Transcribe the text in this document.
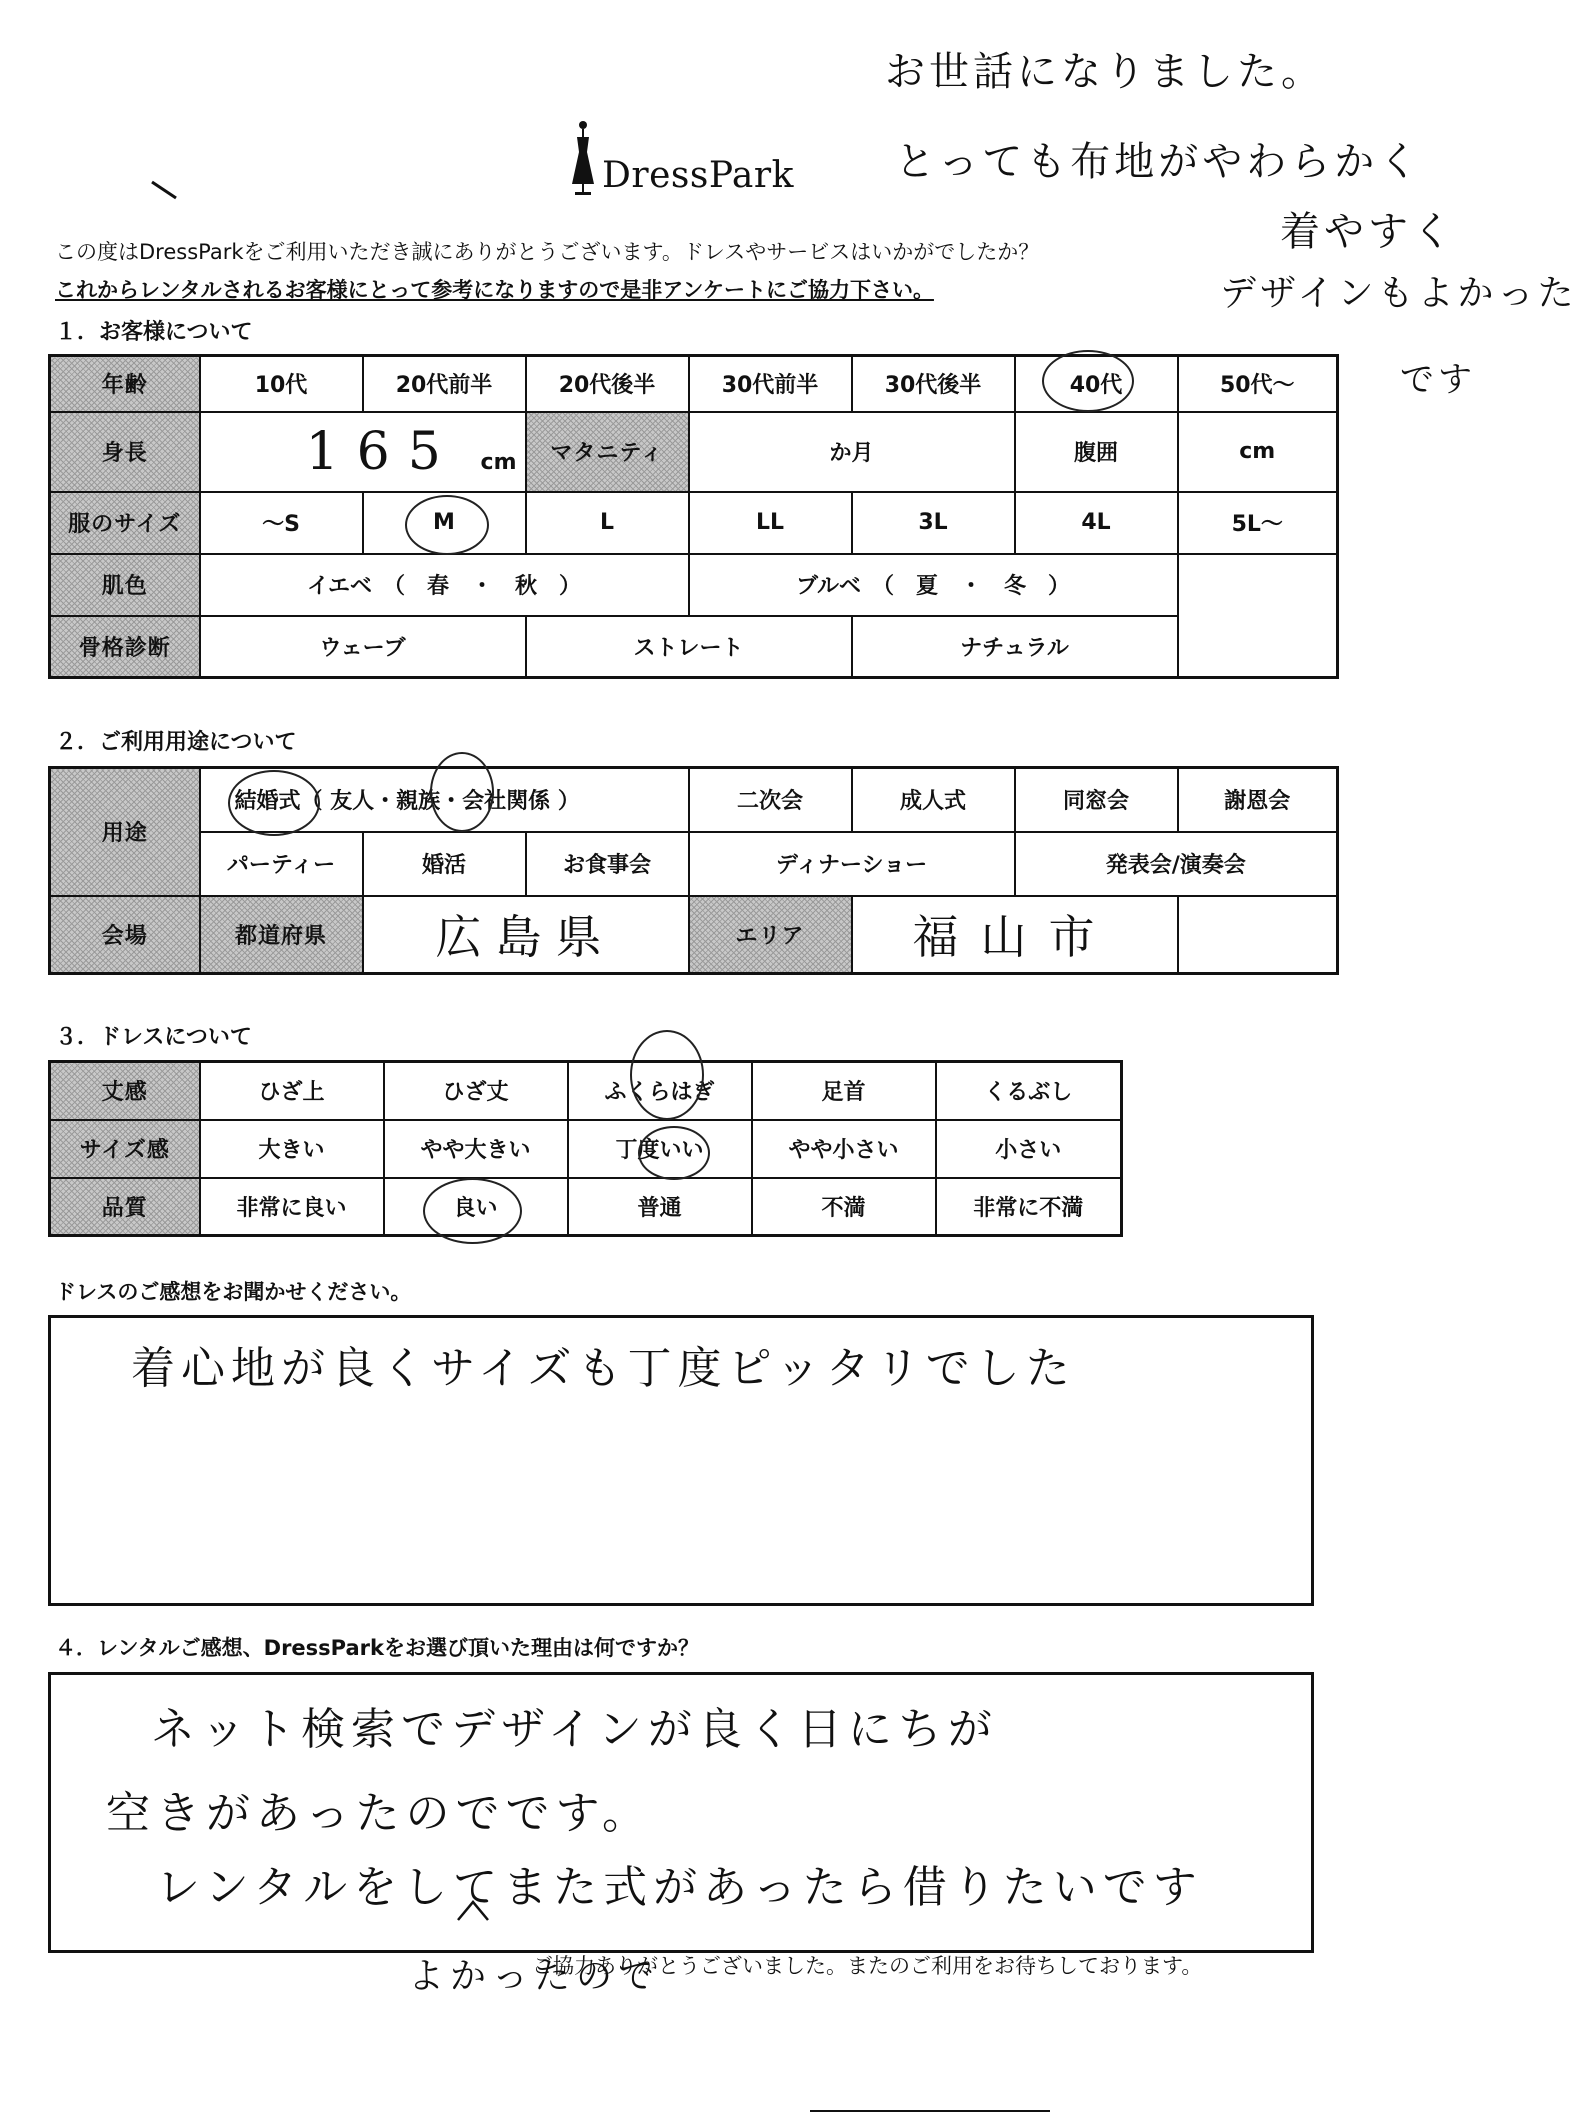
DressPark
お世話になりました。
とっても布地がやわらかく
着やすく
デザインもよかった
です
この度はDressParkをご利用いただき誠にありがとうございます。ドレスやサービスはいかがでしたか？
これからレンタルされるお客様にとって参考になりますので是非アンケートにご協力下さい。
１．お客様について
年齢	10代	20代前半	20代後半	30代前半	30代後半	40代	50代〜
身長	165 cm		マタニティ	か月		腹囲	cm
服のサイズ	〜S	M	L	LL	3L	4L	5L〜
肌色	イエベ　（　春　・　秋　）			ブルベ　（　夏　・　冬　）			
骨格診断	ウェーブ		ストレート		ナチュラル		
２．ご利用用途について
用途	結婚式（ 友人・親族・会社関係 ）			二次会	成人式	同窓会	謝恩会
	パーティー	婚活	お食事会	ディナーショー		発表会/演奏会	
会場	都道府県	広島県		エリア	福山市		
３．ドレスについて
丈感	ひざ上	ひざ丈	ふくらはぎ	足首	くるぶし
サイズ感	大きい	やや大きい	丁度いい	やや小さい	小さい
品質	非常に良い	良い	普通	不満	非常に不満
ドレスのご感想をお聞かせください。
着心地が良くサイズも丁度ピッタリでした
４．レンタルご感想、DressParkをお選び頂いた理由は何ですか？
ネット検索でデザインが良く日にちが
空きがあったのでです。
レンタルをしてまた式があったら借りたいです
よかったので
ご協力ありがとうございました。またのご利用をお待ちしております。
